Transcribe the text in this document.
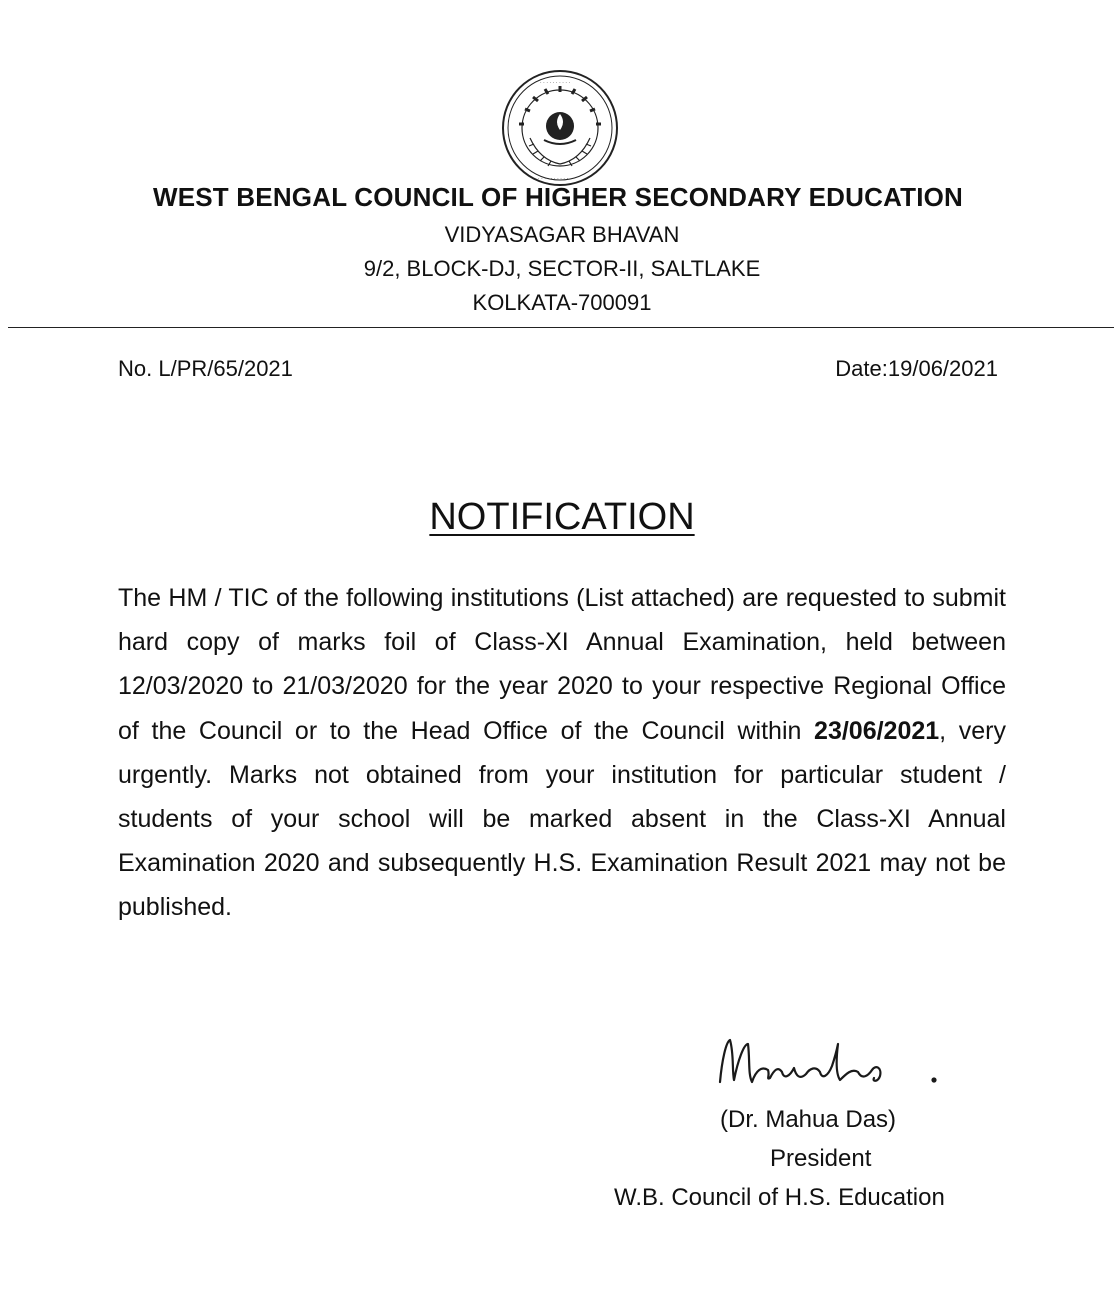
· · · · · · · · · ·
· · · · · · · · · ·
WEST BENGAL COUNCIL OF HIGHER SECONDARY EDUCATION
VIDYASAGAR BHAVAN
9/2, BLOCK-DJ, SECTOR-II, SALTLAKE
KOLKATA-700091
No. L/PR/65/2021	Date:19/06/2021
NOTIFICATION
The HM / TIC of the following institutions (List attached) are requested to submit hard copy of marks foil of Class-XI Annual Examination, held between 12/03/2020 to 21/03/2020 for the year 2020 to your respective Regional Office of the Council or to the Head Office of the Council within 23/06/2021, very urgently. Marks not obtained from your institution for particular student / students of your school will be marked absent in the Class-XI Annual Examination 2020 and subsequently H.S. Examination Result 2021 may not be published.
(Dr. Mahua Das)
President
W.B. Council of H.S. Education
